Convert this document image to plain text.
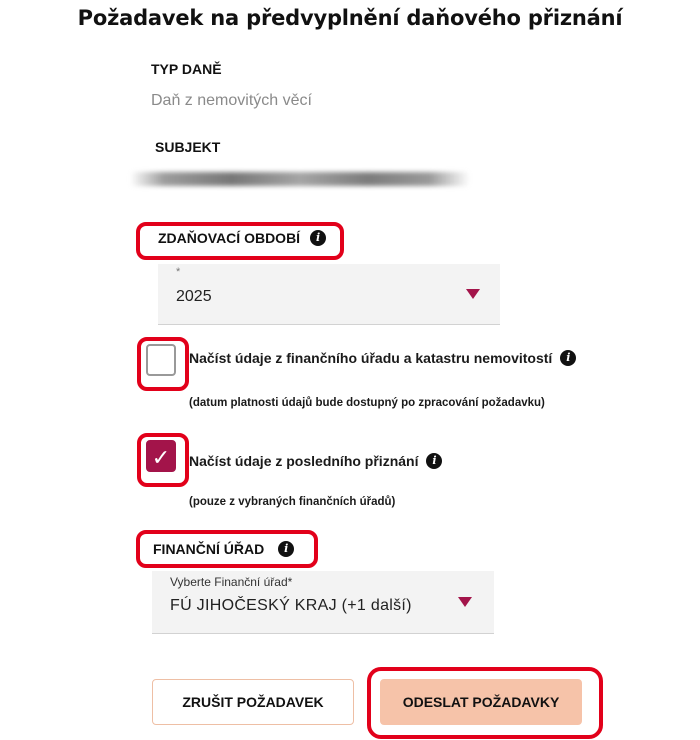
Požadavek na předvyplnění daňového přiznání
TYP DANĚ
Daň z nemovitých věcí
SUBJEKT
ZDAŇOVACÍ OBDOBÍ	i
*
2025
Načíst údaje z finančního úřadu a katastru nemovitostí	i
(datum platnosti údajů bude dostupný po zpracování požadavku)
✓	Načíst údaje z posledního přiznání	i
(pouze z vybraných finančních úřadů)
FINANČNÍ ÚŘAD	i
Vyberte Finanční úřad*
FÚ JIHOČESKÝ KRAJ (+1 další)
ZRUŠIT POŽADAVEK	ODESLAT POŽADAVKY
